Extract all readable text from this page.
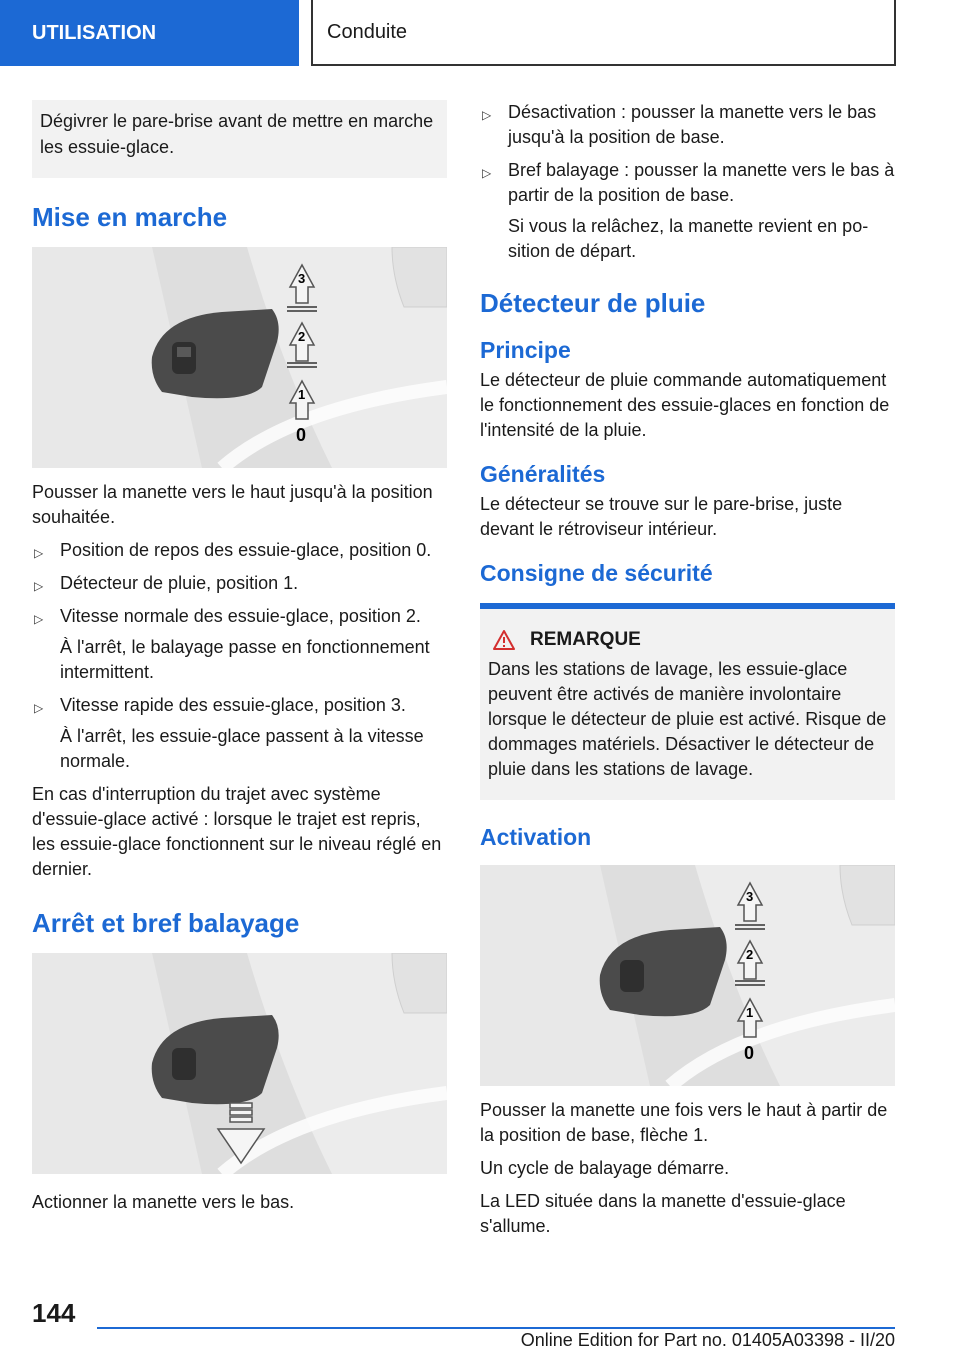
UTILISATION	Conduite
Dégivrer le pare-brise avant de mettre en marche les essuie-glace.
Mise en marche
3
2
1
0

Pousser la manette vers le haut jusqu'à la position souhaitée.

▷ Position de repos des essuie-glace, position 0.
▷ Détecteur de pluie, position 1.
▷ Vitesse normale des essuie-glace, position 2.

À l'arrêt, le balayage passe en fonctionnement intermittent.

▷ Vitesse rapide des essuie-glace, position 3.

À l'arrêt, les essuie-glace passent à la vitesse normale.

En cas d'interruption du trajet avec système d'essuie-glace activé : lorsque le trajet est repris, les essuie-glace fonctionnent sur le niveau réglé en dernier.

Arrêt et bref balayage

Actionner la manette vers le bas.

▷ Désactivation : pousser la manette vers le bas jusqu'à la position de base.
▷ Bref balayage : pousser la manette vers le bas à partir de la position de base.

Si vous la relâchez, la manette revient en position de départ.

Détecteur de pluie
Principe

Le détecteur de pluie commande automatiquement le fonctionnement des essuie-glaces en fonction de l'intensité de la pluie.

Généralités

Le détecteur se trouve sur le pare-brise, juste devant le rétroviseur intérieur.

Consigne de sécurité
REMARQUE

Dans les stations de lavage, les essuie-glace peuvent être activés de manière involontaire lorsque le détecteur de pluie est activé. Risque de dommages matériels. Désactiver le détecteur de pluie dans les stations de lavage.

Activation
3
2
1
0

Pousser la manette une fois vers le haut à partir de la position de base, flèche 1.

Un cycle de balayage démarre.

La LED située dans la manette d'essuie-glace s'allume.

144
Online Edition for Part no. 01405A03398 - II/20
